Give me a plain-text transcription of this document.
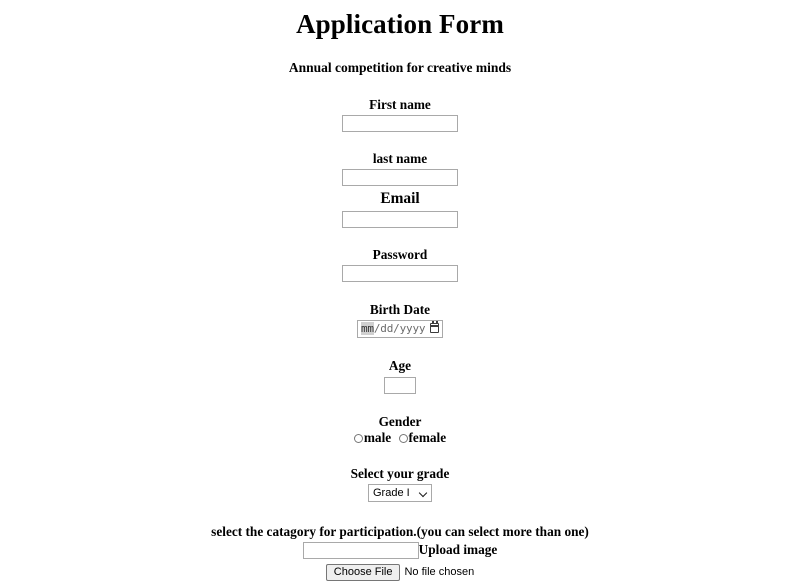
Application Form
Annual competition for creative minds
First name
last name
Email
Password
Birth Date
mm/dd/yyyy
Age
Gender
male female
Select your grade
Grade I
select the catagory for participation.(you can select more than one)
Upload image
Choose File No file chosen
